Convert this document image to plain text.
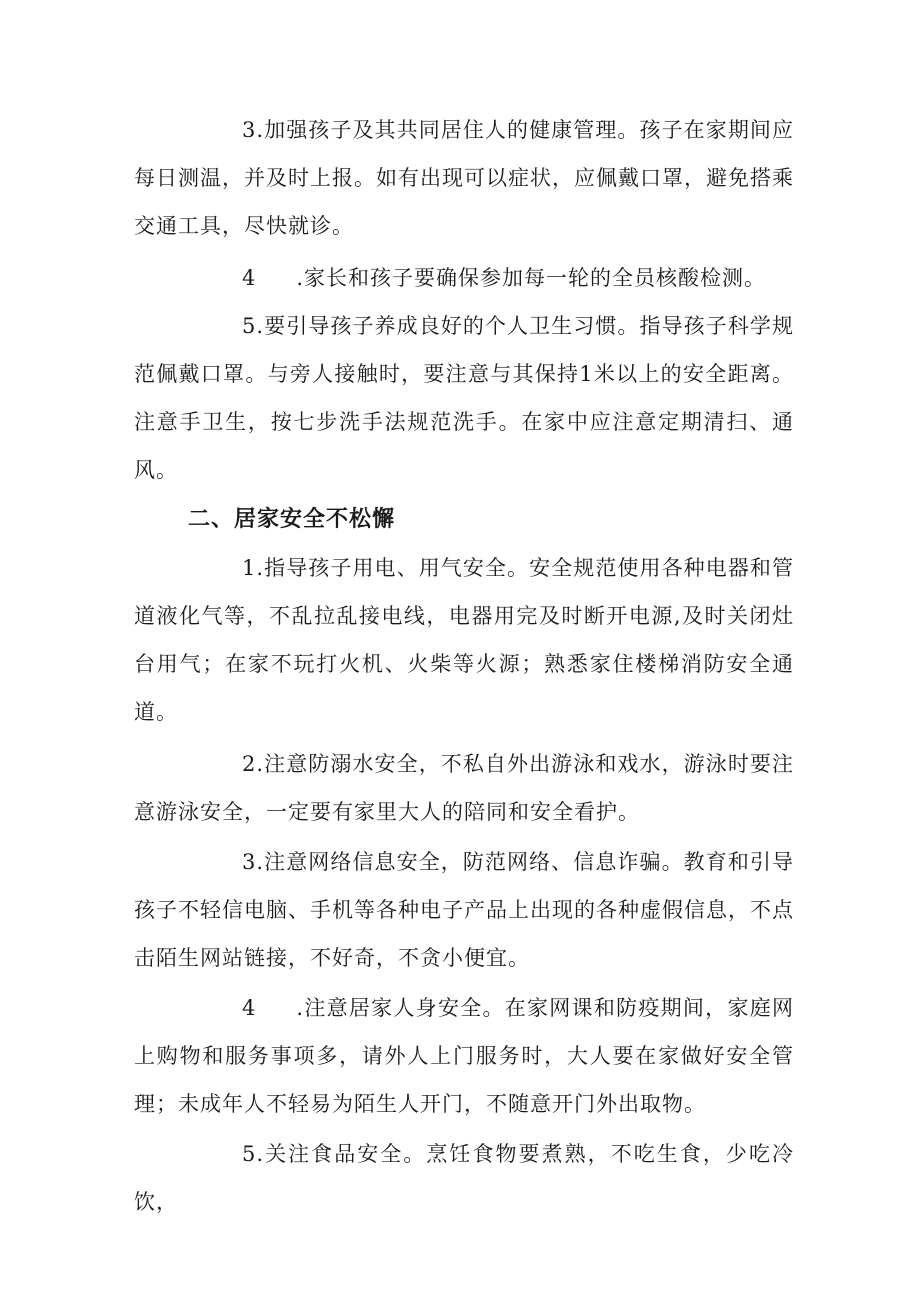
3.加强孩子及其共同居住人的健康管理。孩子在家期间应每日测温，并及时上报。如有出现可以症状，应佩戴口罩，避免搭乘交通工具，尽快就诊。

4 .家长和孩子要确保参加每一轮的全员核酸检测。

5.要引导孩子养成良好的个人卫生习惯。指导孩子科学规范佩戴口罩。与旁人接触时，要注意与其保持1米以上的安全距离。注意手卫生，按七步洗手法规范洗手。在家中应注意定期清扫、通风。

二、居家安全不松懈

1.指导孩子用电、用气安全。安全规范使用各种电器和管道液化气等，不乱拉乱接电线，电器用完及时断开电源,及时关闭灶台用气；在家不玩打火机、火柴等火源；熟悉家住楼梯消防安全通道。

2.注意防溺水安全，不私自外出游泳和戏水，游泳时要注意游泳安全，一定要有家里大人的陪同和安全看护。

3.注意网络信息安全，防范网络、信息诈骗。教育和引导孩子不轻信电脑、手机等各种电子产品上出现的各种虚假信息，不点击陌生网站链接，不好奇，不贪小便宜。

4 .注意居家人身安全。在家网课和防疫期间，家庭网上购物和服务事项多，请外人上门服务时，大人要在家做好安全管理；未成年人不轻易为陌生人开门，不随意开门外出取物。

5.关注食品安全。烹饪食物要煮熟，不吃生食，少吃冷饮，
